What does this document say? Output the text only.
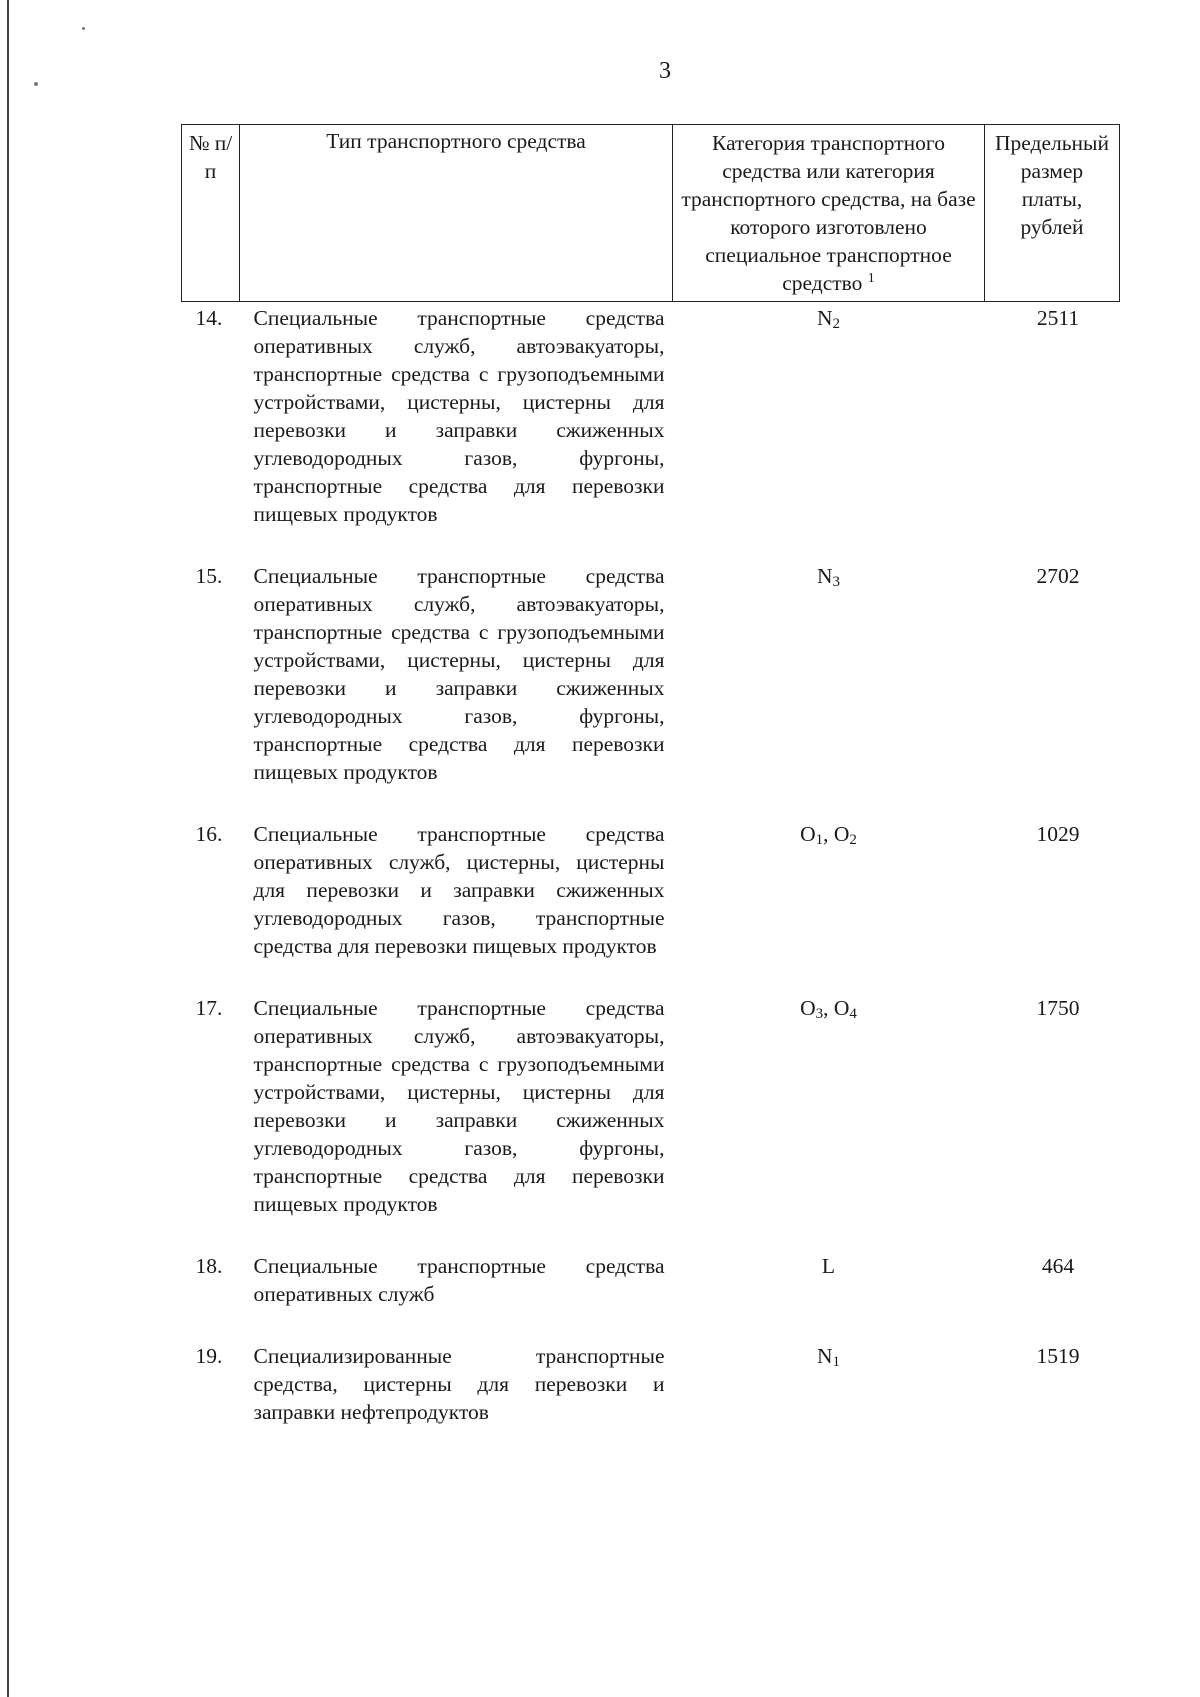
3
№ п/п	Тип транспортного средства	Категория транспортного средства или категория транспортного средства, на базе которого изготовлено специальное транспортное средство $^1$	Предельный размер платы, рублей
14.	Специальные транспортные средства оперативных служб, автоэвакуаторы, транспортные средства с грузоподъемными устройствами, цистерны, цистерны для перевозки и заправки сжиженных углеводородных газов, фургоны, транспортные средства для перевозки пищевых продуктов	$N_2$	2511
15.	Специальные транспортные средства оперативных служб, автоэвакуаторы, транспортные средства с грузоподъемными устройствами, цистерны, цистерны для перевозки и заправки сжиженных углеводородных газов, фургоны, транспортные средства для перевозки пищевых продуктов	$N_3$	2702
16.	Специальные транспортные средства оперативных служб, цистерны, цистерны для перевозки и заправки сжиженных углеводородных газов, транспортные средства для перевозки пищевых продуктов	$O_1$, $O_2$	1029
17.	Специальные транспортные средства оперативных служб, автоэвакуаторы, транспортные средства с грузоподъемными устройствами, цистерны, цистерны для перевозки и заправки сжиженных углеводородных газов, фургоны, транспортные средства для перевозки пищевых продуктов	$O_3$, $O_4$	1750
18.	Специальные транспортные средства оперативных служб	L	464
19.	Специализированные транспортные средства, цистерны для перевозки и заправки нефтепродуктов	$N_1$	1519
